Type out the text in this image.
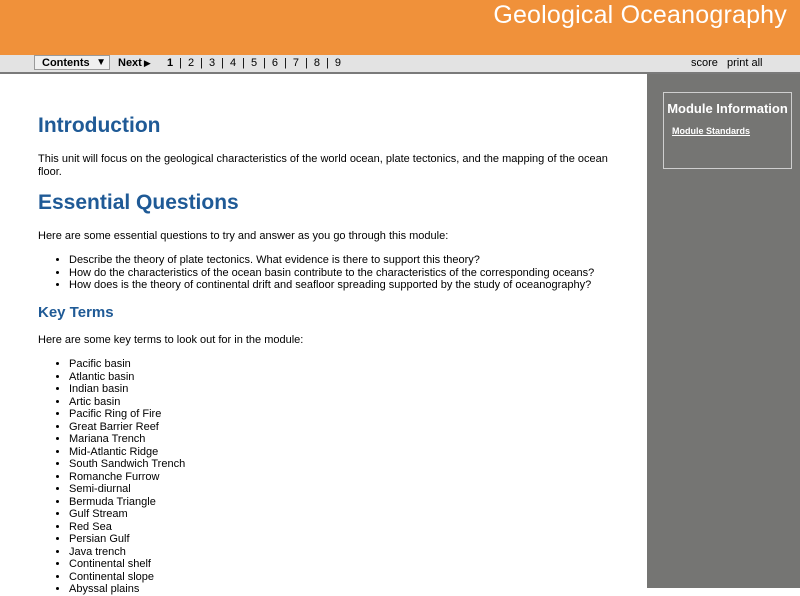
Geological Oceanography
Contents ▼ Next ▶ 1 | 2 | 3 | 4 | 5 | 6 | 7 | 8 | 9	score print all
Module Information
Module Standards
Introduction
This unit will focus on the geological characteristics of the world ocean, plate tectonics, and the mapping of the ocean floor.
Essential Questions
Here are some essential questions to try and answer as you go through this module:
• Describe the theory of plate tectonics. What evidence is there to support this theory?
• How do the characteristics of the ocean basin contribute to the characteristics of the corresponding oceans?
• How does is the theory of continental drift and seafloor spreading supported by the study of oceanography?
Key Terms
Here are some key terms to look out for in the module:
• Pacific basin
• Atlantic basin
• Indian basin
• Artic basin
• Pacific Ring of Fire
• Great Barrier Reef
• Mariana Trench
• Mid-Atlantic Ridge
• South Sandwich Trench
• Romanche Furrow
• Semi-diurnal
• Bermuda Triangle
• Gulf Stream
• Red Sea
• Persian Gulf
• Java trench
• Continental shelf
• Continental slope
• Abyssal plains
